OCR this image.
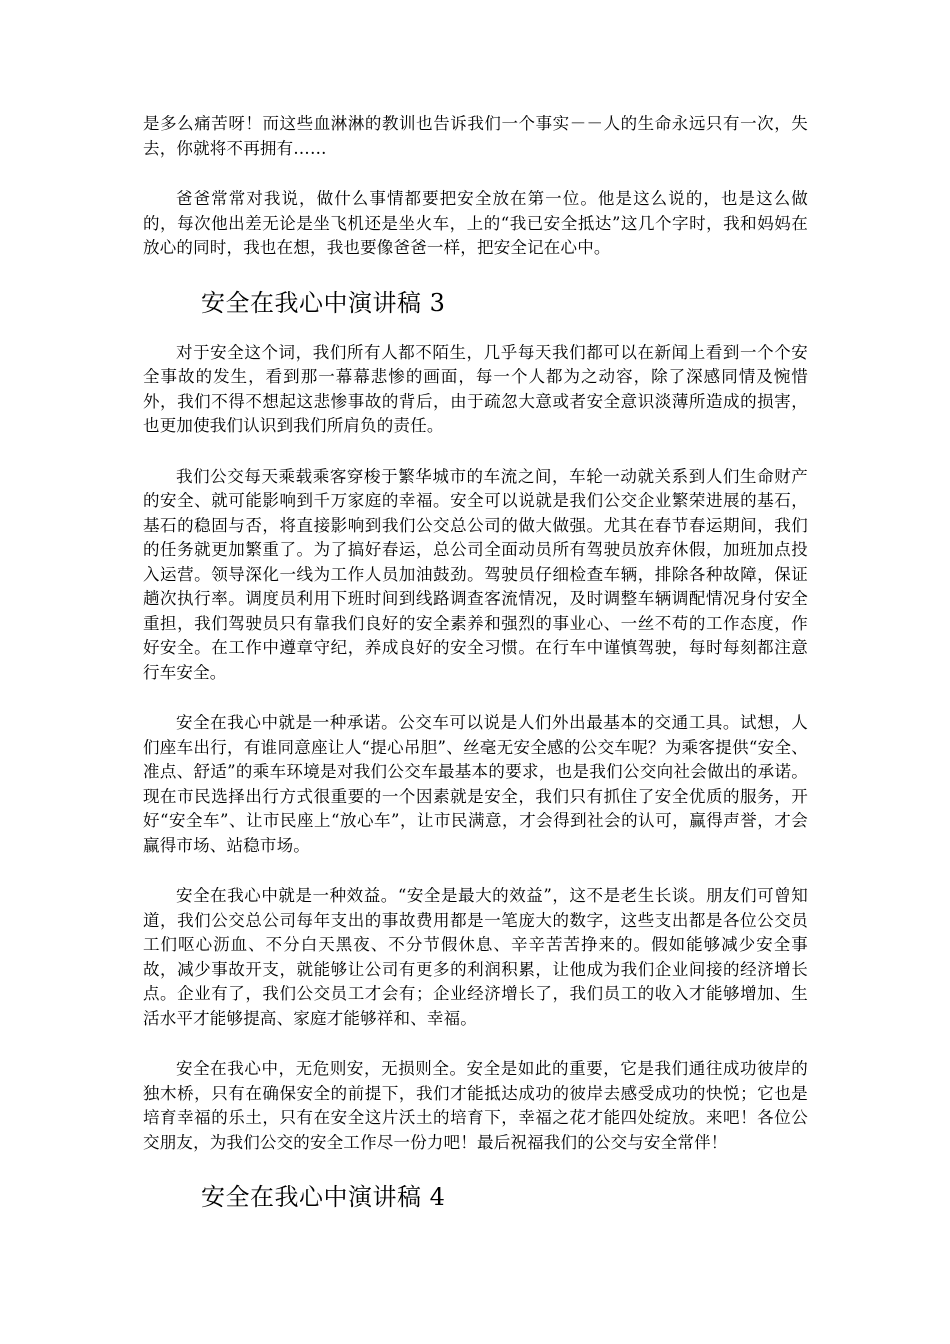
是多么痛苦呀！而这些血淋淋的教训也告诉我们一个事实－－人的生命永远只有一次，失去，你就将不再拥有……

爸爸常常对我说，做什么事情都要把安全放在第一位。他是这么说的，也是这么做的，每次他出差无论是坐飞机还是坐火车，上的“我已安全抵达”这几个字时，我和妈妈在放心的同时，我也在想，我也要像爸爸一样，把安全记在心中。

安全在我心中演讲稿 3

对于安全这个词，我们所有人都不陌生，几乎每天我们都可以在新闻上看到一个个安全事故的发生，看到那一幕幕悲惨的画面，每一个人都为之动容，除了深感同情及惋惜外，我们不得不想起这悲惨事故的背后，由于疏忽大意或者安全意识淡薄所造成的损害，也更加使我们认识到我们所肩负的责任。

我们公交每天乘载乘客穿梭于繁华城市的车流之间，车轮一动就关系到人们生命财产的安全、就可能影响到千万家庭的幸福。安全可以说就是我们公交企业繁荣进展的基石，基石的稳固与否，将直接影响到我们公交总公司的做大做强。尤其在春节春运期间，我们的任务就更加繁重了。为了搞好春运，总公司全面动员所有驾驶员放弃休假，加班加点投入运营。领导深化一线为工作人员加油鼓劲。驾驶员仔细检查车辆，排除各种故障，保证趟次执行率。调度员利用下班时间到线路调查客流情况，及时调整车辆调配情况身付安全重担，我们驾驶员只有靠我们良好的安全素养和强烈的事业心、一丝不苟的工作态度，作好安全。在工作中遵章守纪，养成良好的安全习惯。在行车中谨慎驾驶，每时每刻都注意行车安全。

安全在我心中就是一种承诺。公交车可以说是人们外出最基本的交通工具。试想，人们座车出行，有谁同意座让人“提心吊胆”、丝毫无安全感的公交车呢？为乘客提供“安全、准点、舒适”的乘车环境是对我们公交车最基本的要求，也是我们公交向社会做出的承诺。现在市民选择出行方式很重要的一个因素就是安全，我们只有抓住了安全优质的服务，开好“安全车”、让市民座上“放心车”，让市民满意，才会得到社会的认可，赢得声誉，才会赢得市场、站稳市场。

安全在我心中就是一种效益。“安全是最大的效益”，这不是老生长谈。朋友们可曾知道，我们公交总公司每年支出的事故费用都是一笔庞大的数字，这些支出都是各位公交员工们呕心沥血、不分白天黑夜、不分节假休息、辛辛苦苦挣来的。假如能够减少安全事故，减少事故开支，就能够让公司有更多的利润积累，让他成为我们企业间接的经济增长点。企业有了，我们公交员工才会有；企业经济增长了，我们员工的收入才能够增加、生活水平才能够提高、家庭才能够祥和、幸福。

安全在我心中，无危则安，无损则全。安全是如此的重要，它是我们通往成功彼岸的独木桥，只有在确保安全的前提下，我们才能抵达成功的彼岸去感受成功的快悦；它也是培育幸福的乐土，只有在安全这片沃土的培育下，幸福之花才能四处绽放。来吧！各位公交朋友，为我们公交的安全工作尽一份力吧！最后祝福我们的公交与安全常伴！

安全在我心中演讲稿 4
